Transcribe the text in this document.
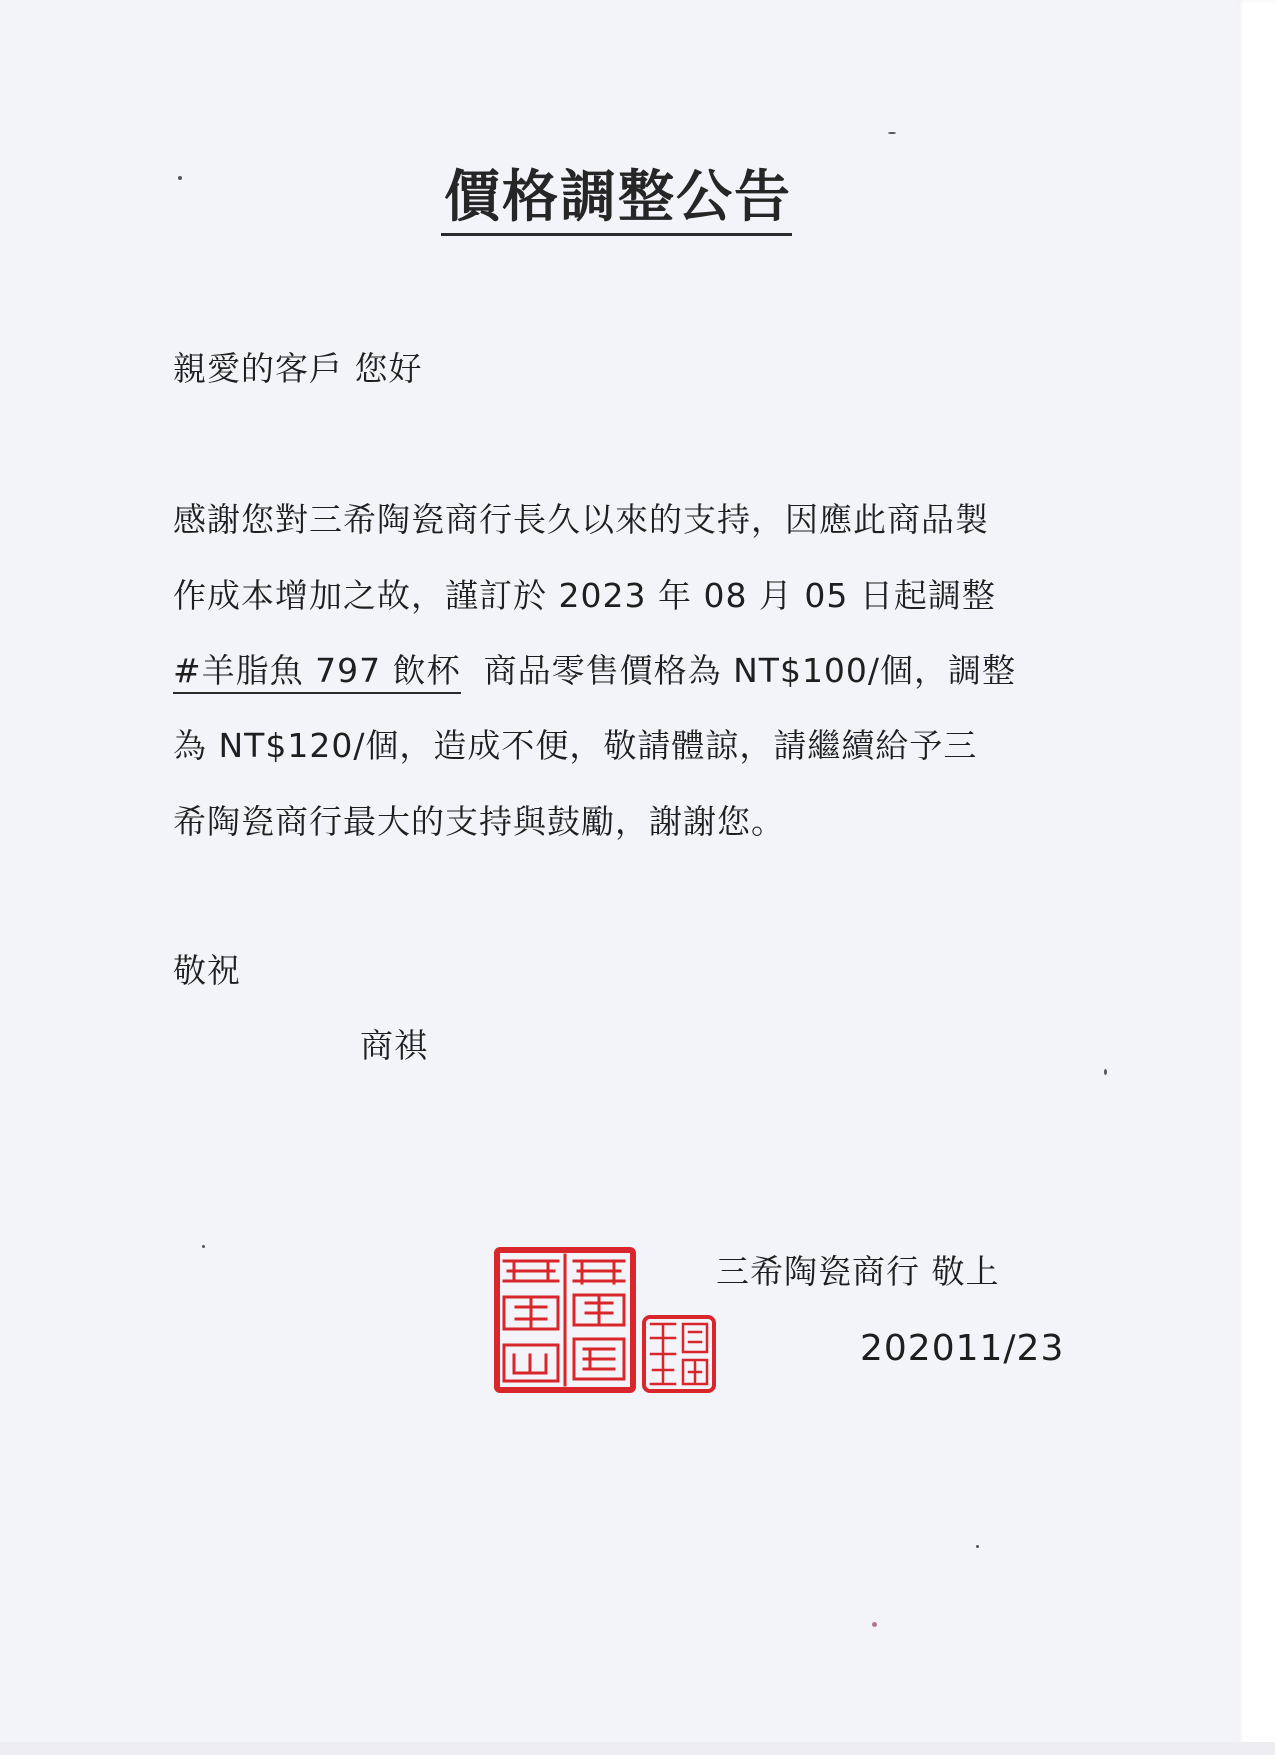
價格調整公告
親愛的客戶 您好
感謝您對三希陶瓷商行長久以來的支持，因應此商品製
作成本增加之故，謹訂於 2023 年 08 月 05 日起調整
#羊脂魚 797 飲杯 商品零售價格為 NT$100/個，調整
為 NT$120/個，造成不便，敬請體諒，請繼續給予三
希陶瓷商行最大的支持與鼓勵，謝謝您。
敬祝
商祺
三希陶瓷商行 敬上
202011/23
